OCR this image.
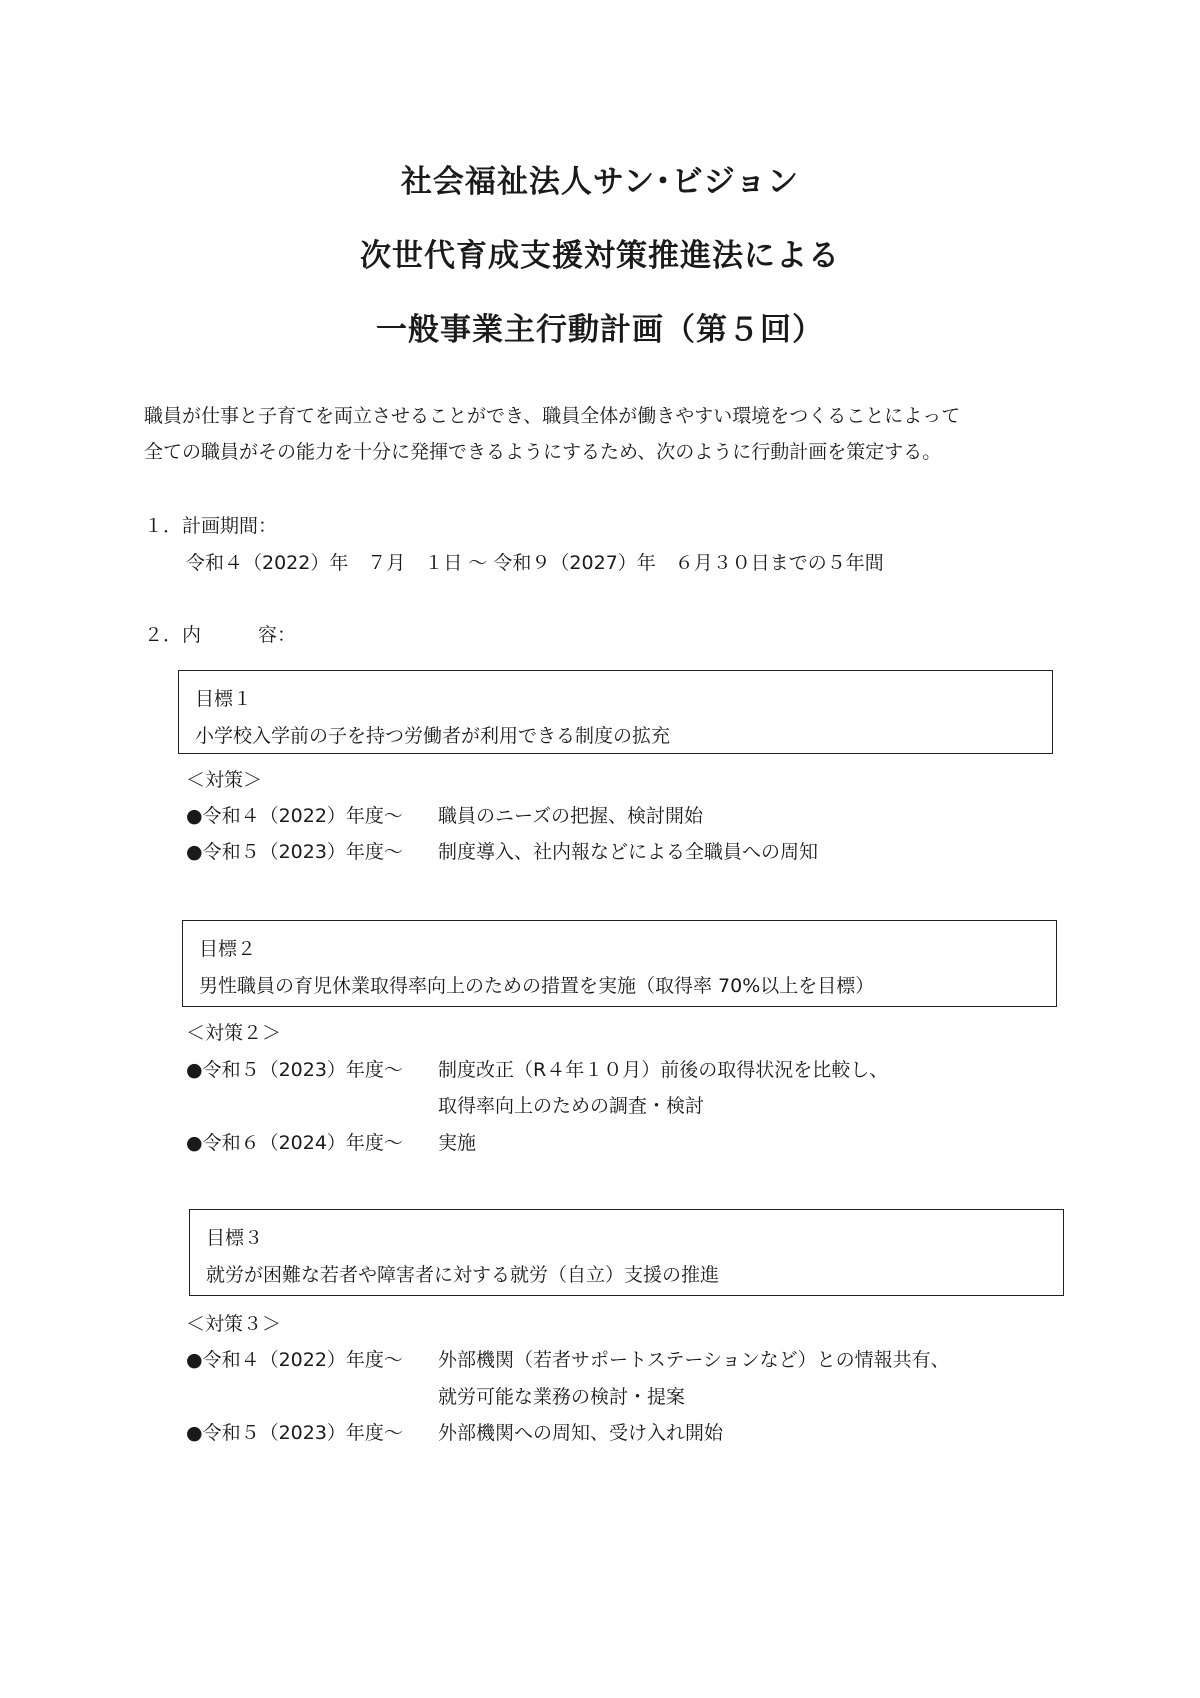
社会福祉法人サン･ビジョン
次世代育成支援対策推進法による
一般事業主行動計画（第５回）
職員が仕事と子育てを両立させることができ、職員全体が働きやすい環境をつくることによって
全ての職員がその能力を十分に発揮できるようにするため、次のように行動計画を策定する。
１．計画期間：
令和４（2022）年　７月　１日 ～ 令和９（2027）年　６月３０日までの５年間
２．内　　　容：
目標１
小学校入学前の子を持つ労働者が利用できる制度の拡充
＜対策＞
●令和４（2022）年度～ 職員のニーズの把握、検討開始
●令和５（2023）年度～ 制度導入、社内報などによる全職員への周知
目標２
男性職員の育児休業取得率向上のための措置を実施（取得率 70%以上を目標）
＜対策２＞
●令和５（2023）年度～ 制度改正（R４年１０月）前後の取得状況を比較し、
取得率向上のための調査・検討
●令和６（2024）年度～ 実施
目標３
就労が困難な若者や障害者に対する就労（自立）支援の推進
＜対策３＞
●令和４（2022）年度～ 外部機関（若者サポートステーションなど）との情報共有、
就労可能な業務の検討・提案
●令和５（2023）年度～ 外部機関への周知、受け入れ開始
